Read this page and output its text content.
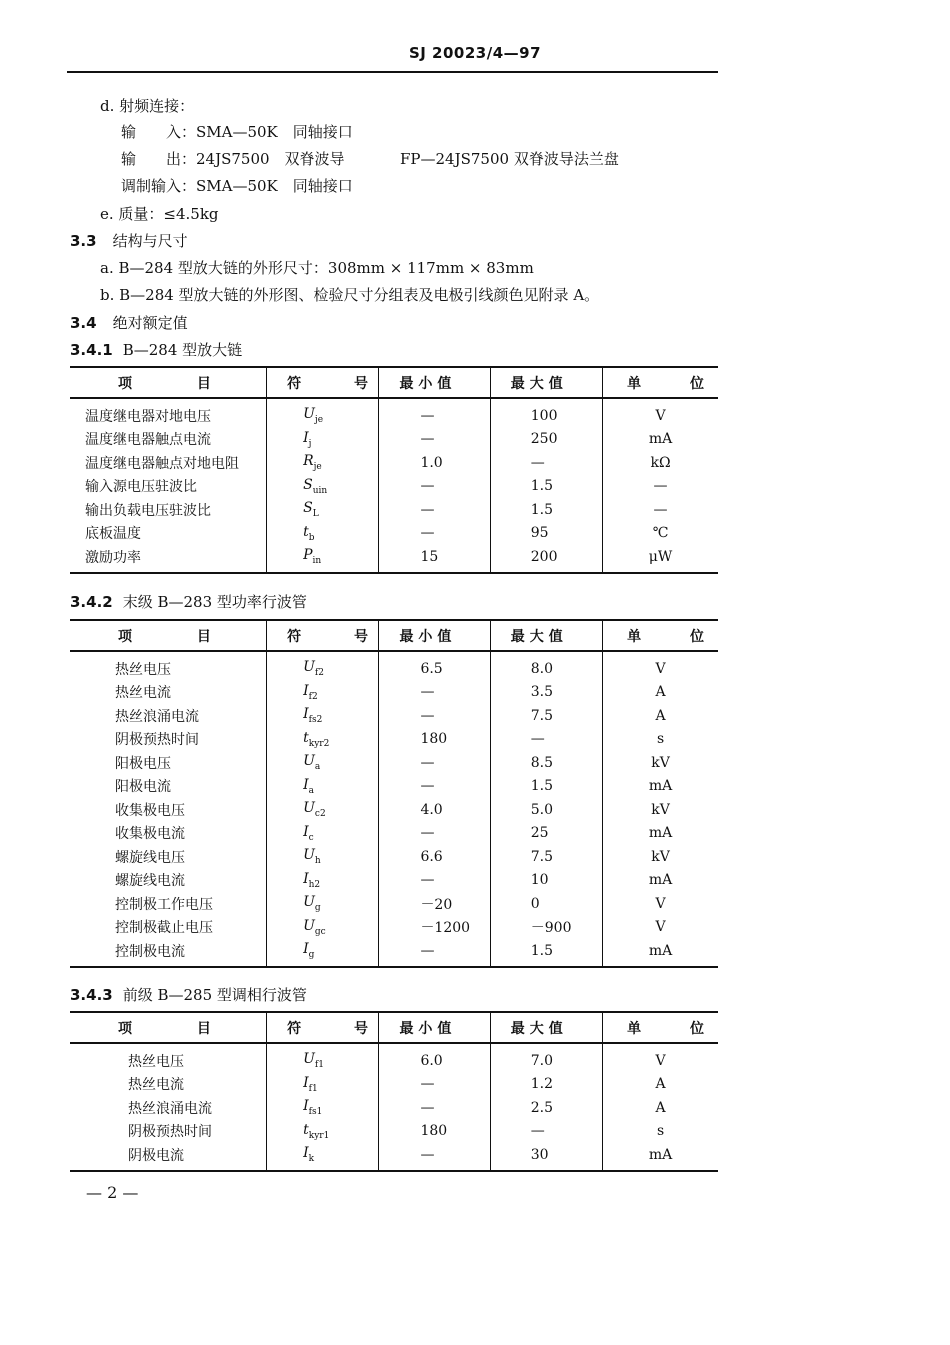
SJ 20023/4—97
d. 射频连接：
输　　入：SMA—50K　同轴接口
输　　出：24JS7500　双脊波导	FP—24JS7500 双脊波导法兰盘
调制输入：SMA—50K　同轴接口
e. 质量：≤4.5kg
3.3 结构与尺寸
a. B—284 型放大链的外形尺寸：308mm × 117mm × 83mm
b. B—284 型放大链的外形图、检验尺寸分组表及电极引线颜色见附录 A。
3.4 绝对额定值
3.4.1 B—284 型放大链
项 目	符 号	最小值	最大值	单 位
温度继电器对地电压	$U_{je}$	—	100	V
温度继电器触点电流	$I_j$	—	250	mA
温度继电器触点对地电阻	$R_{je}$	1.0	—	kΩ
输入源电压驻波比	$S_{uin}$	—	1.5	—
输出负载电压驻波比	$S_L$	—	1.5	—
底板温度	$t_b$	—	95	℃
激励功率	$P_{in}$	15	200	μW
3.4.2 末级 B—283 型功率行波管
项 目	符 号	最小值	最大值	单 位
热丝电压	$U_{f2}$	6.5	8.0	V
热丝电流	$I_{f2}$	—	3.5	A
热丝浪涌电流	$I_{fs2}$	—	7.5	A
阴极预热时间	$t_{kyr2}$	180	—	s
阳极电压	$U_a$	—	8.5	kV
阳极电流	$I_a$	—	1.5	mA
收集极电压	$U_{c2}$	4.0	5.0	kV
收集极电流	$I_c$	—	25	mA
螺旋线电压	$U_h$	6.6	7.5	kV
螺旋线电流	$I_{h2}$	—	10	mA
控制极工作电压	$U_g$	－20	0	V
控制极截止电压	$U_{gc}$	－1200	－900	V
控制极电流	$I_g$	—	1.5	mA
3.4.3 前级 B—285 型调相行波管
项 目	符 号	最小值	最大值	单 位
热丝电压	$U_{f1}$	6.0	7.0	V
热丝电流	$I_{f1}$	—	1.2	A
热丝浪涌电流	$I_{fs1}$	—	2.5	A
阴极预热时间	$t_{kyr1}$	180	—	s
阴极电流	$I_k$	—	30	mA
— 2 —
